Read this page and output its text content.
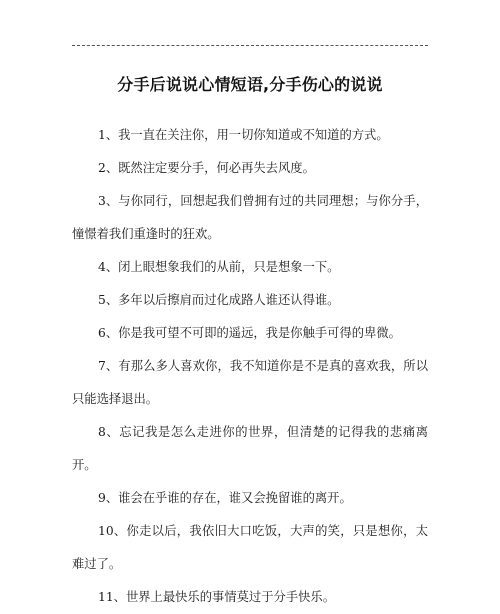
分手后说说心情短语,分手伤心的说说

1、我一直在关注你，用一切你知道或不知道的方式。

2、既然注定要分手，何必再失去风度。

3、与你同行，回想起我们曾拥有过的共同理想；与你分手，憧憬着我们重逢时的狂欢。

4、闭上眼想象我们的从前，只是想象一下。

5、多年以后擦肩而过化成路人谁还认得谁。

6、你是我可望不可即的遥远，我是你触手可得的卑微。

7、有那么多人喜欢你，我不知道你是不是真的喜欢我，所以只能选择退出。

8、忘记我是怎么走进你的世界，但清楚的记得我的悲痛离开。

9、谁会在乎谁的存在，谁又会挽留谁的离开。

10、你走以后，我依旧大口吃饭，大声的笑，只是想你，太难过了。

11、世界上最快乐的事情莫过于分手快乐。
